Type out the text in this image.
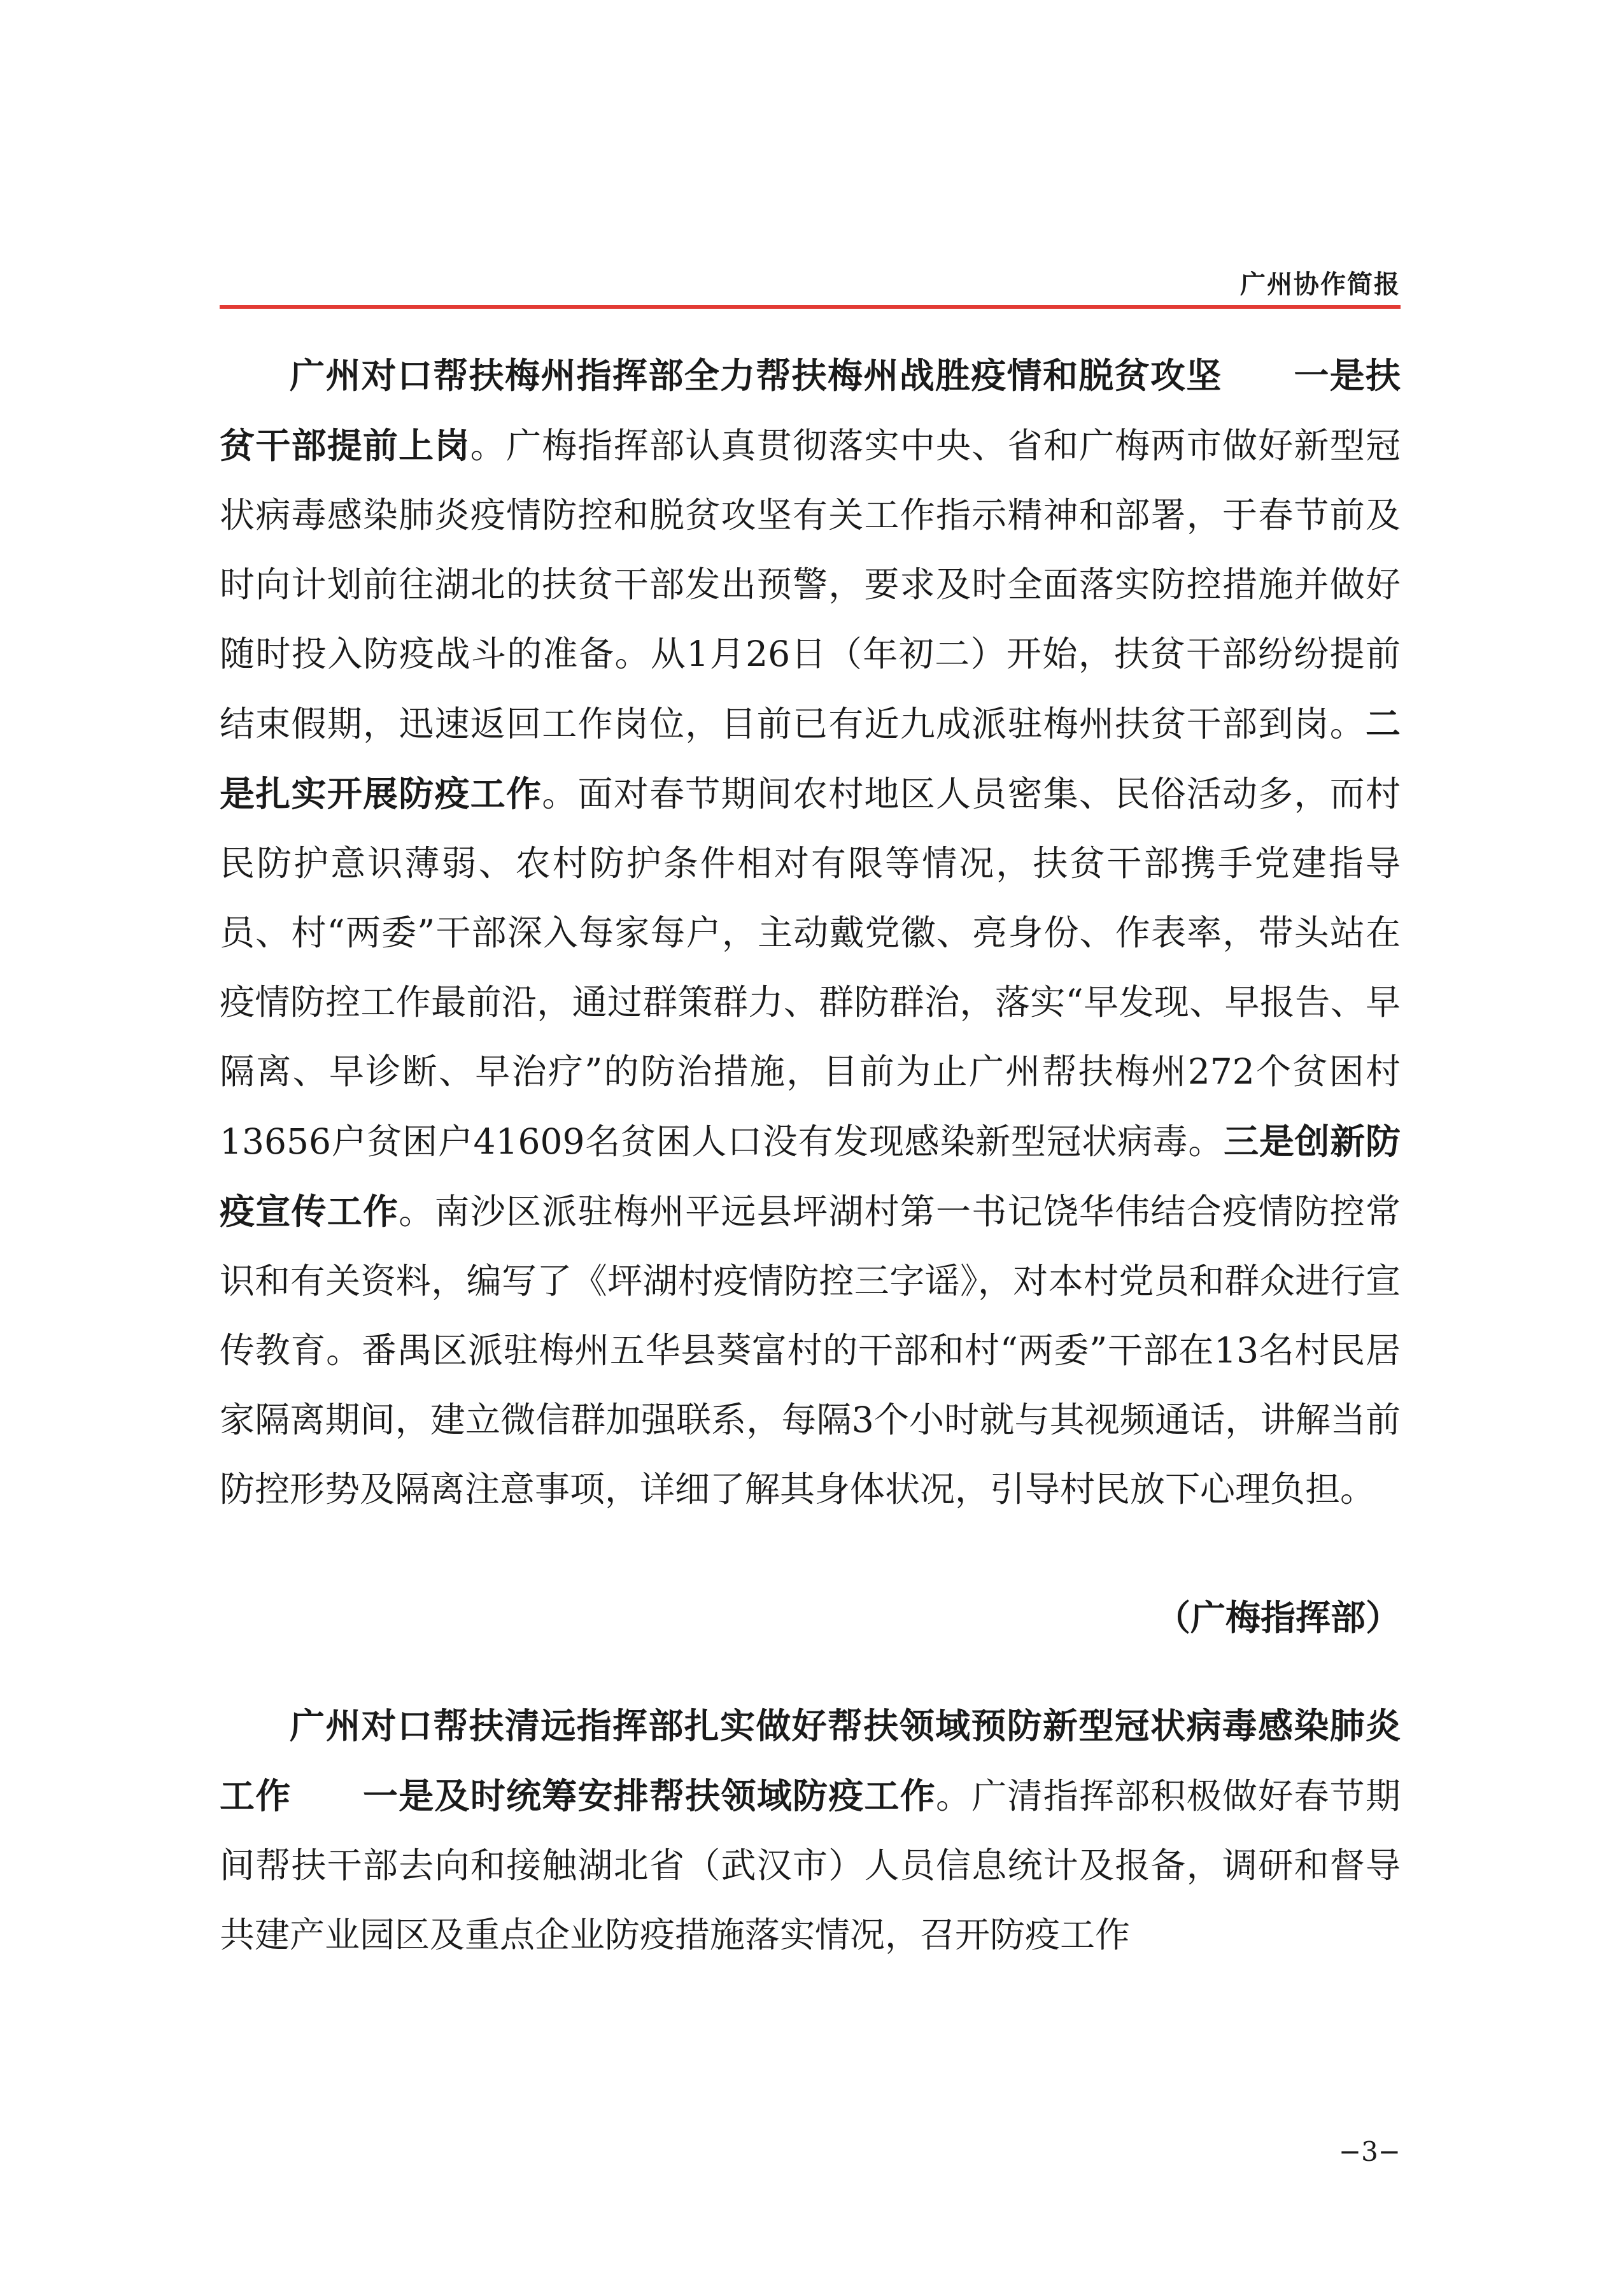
广州协作简报

广州对口帮扶梅州指挥部全力帮扶梅州战胜疫情和脱贫攻坚　　 一是扶贫干部提前上岗。广梅指挥部认真贯彻落实中央、省和广梅两市做好新型冠状病毒感染肺炎疫情防控和脱贫攻坚有关工作指示精神和部署，于春节前及时向计划前往湖北的扶贫干部发出预警，要求及时全面落实防控措施并做好随时投入防疫战斗的准备。从1月26日（年初二）开始，扶贫干部纷纷提前结束假期，迅速返回工作岗位，目前已有近九成派驻梅州扶贫干部到岗。二是扎实开展防疫工作。面对春节期间农村地区人员密集、民俗活动多，而村民防护意识薄弱、农村防护条件相对有限等情况，扶贫干部携手党建指导员、村“两委”干部深入每家每户，主动戴党徽、亮身份、作表率，带头站在疫情防控工作最前沿，通过群策群力、群防群治，落实“早发现、早报告、早隔离、早诊断、早治疗”的防治措施，目前为止广州帮扶梅州272个贫困村13656户贫困户41609名贫困人口没有发现感染新型冠状病毒。三是创新防疫宣传工作。南沙区派驻梅州平远县坪湖村第一书记饶华伟结合疫情防控常识和有关资料，编写了《坪湖村疫情防控三字谣》，对本村党员和群众进行宣传教育。番禺区派驻梅州五华县葵富村的干部和村“两委”干部在13名村民居家隔离期间，建立微信群加强联系，每隔3个小时就与其视频通话，讲解当前防控形势及隔离注意事项，详细了解其身体状况，引导村民放下心理负担。

（广梅指挥部）

广州对口帮扶清远指挥部扎实做好帮扶领域预防新型冠状病毒感染肺炎工作　　 一是及时统筹安排帮扶领域防疫工作。广清指挥部积极做好春节期间帮扶干部去向和接触湖北省（武汉市）人员信息统计及报备，调研和督导共建产业园区及重点企业防疫措施落实情况，召开防疫工作

−3−
